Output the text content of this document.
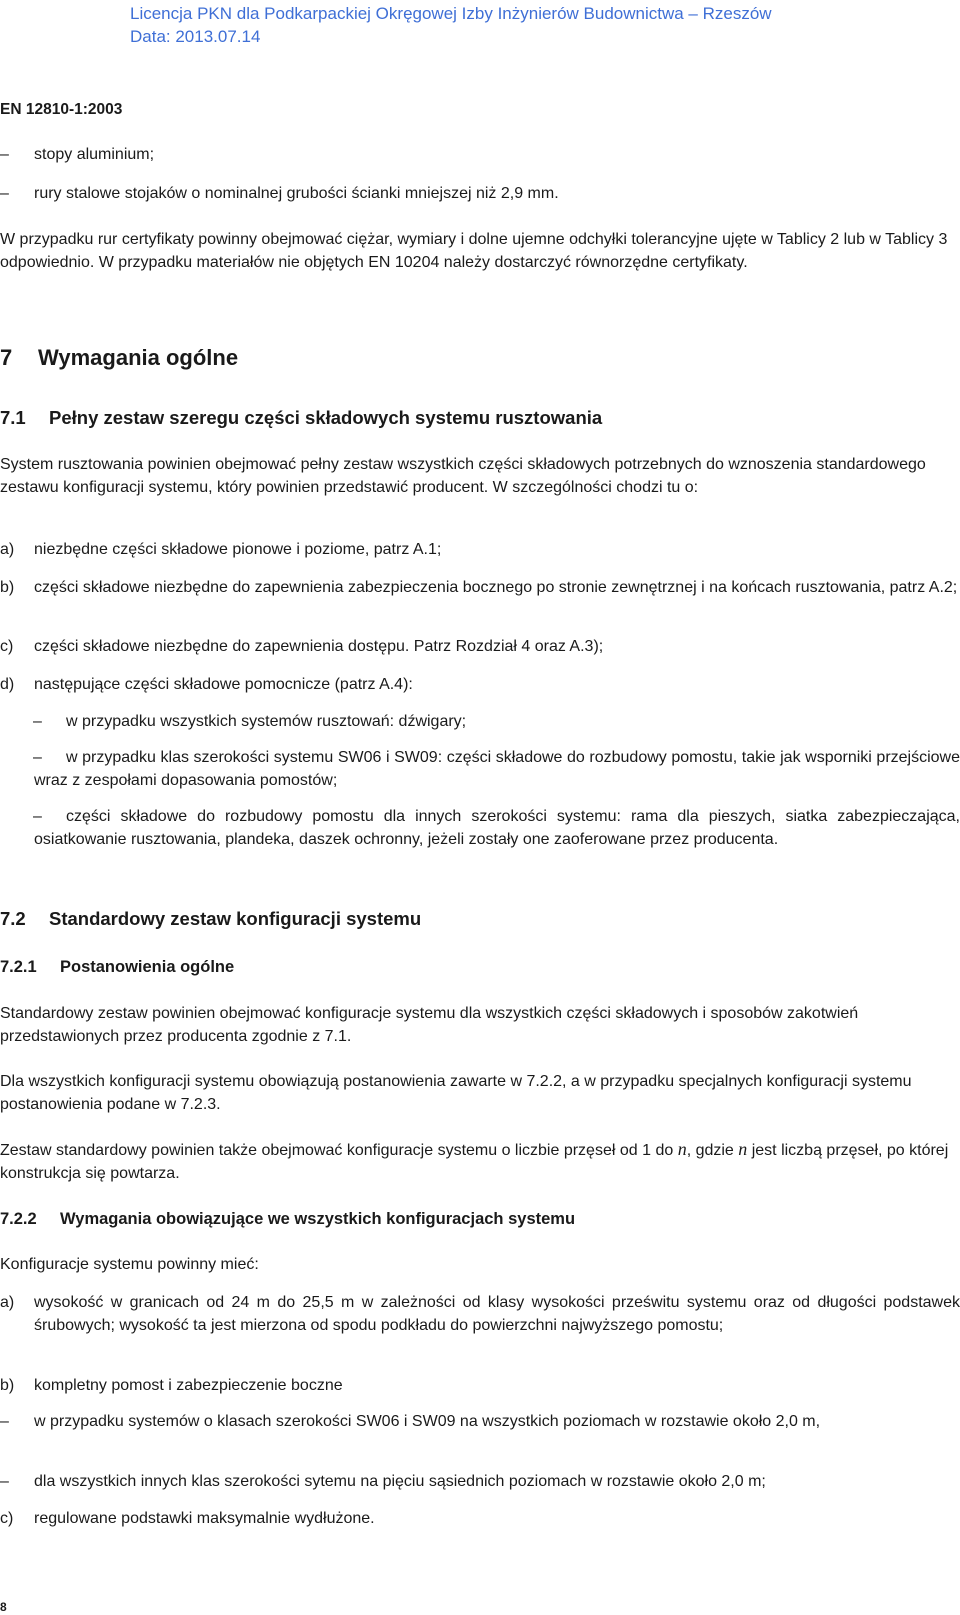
Licencja PKN dla Podkarpackiej Okręgowej Izby Inżynierów Budownictwa – Rzeszów
Data: 2013.07.14
EN 12810-1:2003
–	stopy aluminium;
–	rury stalowe stojaków o nominalnej grubości ścianki mniejszej niż 2,9 mm.
W przypadku rur certyfikaty powinny obejmować ciężar, wymiary i dolne ujemne odchyłki tolerancyjne ujęte w Tablicy 2 lub w Tablicy 3 odpowiednio. W przypadku materiałów nie objętych EN 10204 należy dostarczyć równorzędne certyfikaty.
7 Wymagania ogólne
7.1 Pełny zestaw szeregu części składowych systemu rusztowania
System rusztowania powinien obejmować pełny zestaw wszystkich części składowych potrzebnych do wznoszenia standardowego zestawu konfiguracji systemu, który powinien przedstawić producent. W szczególności chodzi tu o:
a)	niezbędne części składowe pionowe i poziome, patrz A.1;
b)	części składowe niezbędne do zapewnienia zabezpieczenia bocznego po stronie zewnętrznej i na końcach rusztowania, patrz A.2;
c)	części składowe niezbędne do zapewnienia dostępu. Patrz Rozdział 4 oraz A.3);
d)	następujące części składowe pomocnicze (patrz A.4):
–	w przypadku wszystkich systemów rusztowań: dźwigary;
–	w przypadku klas szerokości systemu SW06 i SW09: części składowe do rozbudowy pomostu, takie jak wsporniki przejściowe wraz z zespołami dopasowania pomostów;
–	części składowe do rozbudowy pomostu dla innych szerokości systemu: rama dla pieszych, siatka zabezpieczająca, osiatkowanie rusztowania, plandeka, daszek ochronny, jeżeli zostały one zaoferowane przez producenta.
7.2 Standardowy zestaw konfiguracji systemu
7.2.1 Postanowienia ogólne
Standardowy zestaw powinien obejmować konfiguracje systemu dla wszystkich części składowych i sposobów zakotwień przedstawionych przez producenta zgodnie z 7.1.
Dla wszystkich konfiguracji systemu obowiązują postanowienia zawarte w 7.2.2, a w przypadku specjalnych konfiguracji systemu postanowienia podane w 7.2.3.
Zestaw standardowy powinien także obejmować konfiguracje systemu o liczbie przęseł od 1 do n, gdzie n jest liczbą przęseł, po której konstrukcja się powtarza.
7.2.2 Wymagania obowiązujące we wszystkich konfiguracjach systemu
Konfiguracje systemu powinny mieć:
a)	wysokość w granicach od 24 m do 25,5 m w zależności od klasy wysokości prześwitu systemu oraz od długości podstawek śrubowych; wysokość ta jest mierzona od spodu podkładu do powierzchni najwyższego pomostu;
b)	kompletny pomost i zabezpieczenie boczne
–	w przypadku systemów o klasach szerokości SW06 i SW09 na wszystkich poziomach w rozstawie około 2,0 m,
–	dla wszystkich innych klas szerokości sytemu na pięciu sąsiednich poziomach w rozstawie około 2,0 m;
c)	regulowane podstawki maksymalnie wydłużone.
8
